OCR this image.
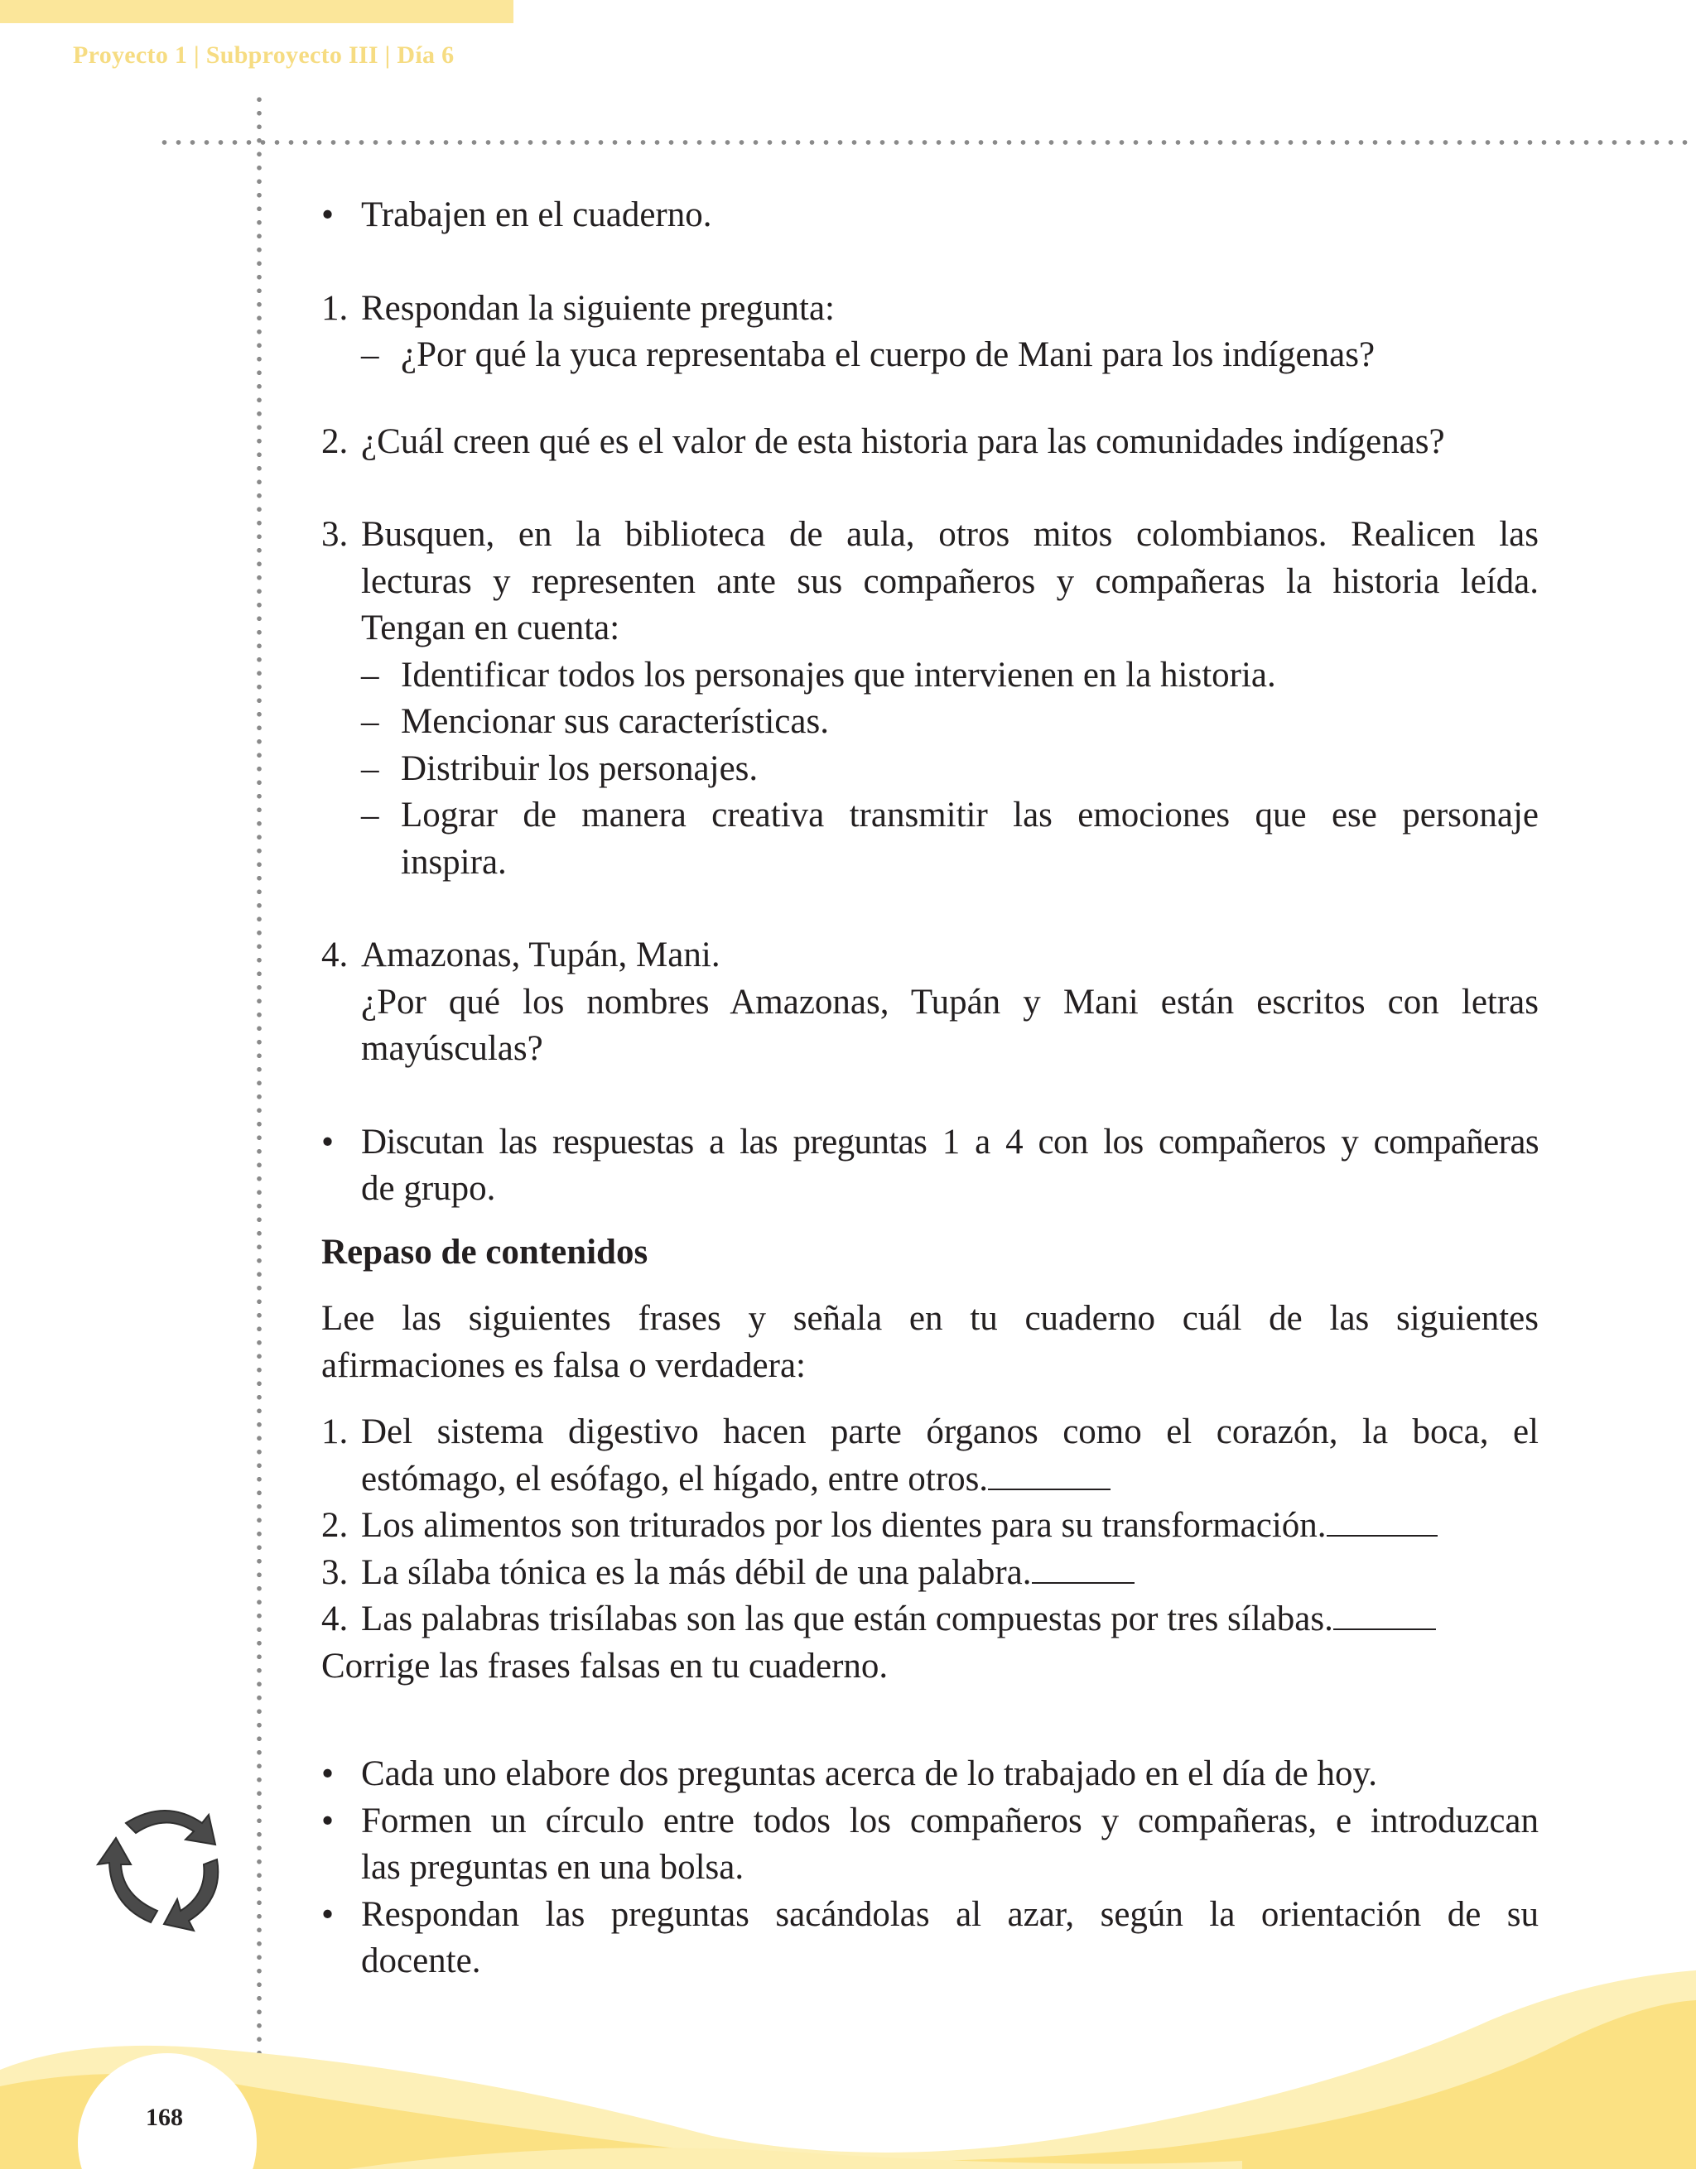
Proyecto 1 | Subproyecto III | Día 6
• Trabajen en el cuaderno.
1. Respondan la siguiente pregunta:
– ¿Por qué la yuca representaba el cuerpo de Mani para los indígenas?
2. ¿Cuál creen qué es el valor de esta historia para las comunidades indígenas?
3. Busquen, en la biblioteca de aula, otros mitos colombianos. Realicen las
lecturas y representen ante sus compañeros y compañeras la historia leída.
Tengan en cuenta:
– Identificar todos los personajes que intervienen en la historia.
– Mencionar sus características.
– Distribuir los personajes.
– Lograr de manera creativa transmitir las emociones que ese personaje
inspira.
4. Amazonas, Tupán, Mani.
¿Por qué los nombres Amazonas, Tupán y Mani están escritos con letras
mayúsculas?
• Discutan las respuestas a las preguntas 1 a 4 con los compañeros y compañeras
de grupo.
Repaso de contenidos
Lee las siguientes frases y señala en tu cuaderno cuál de las siguientes
afirmaciones es falsa o verdadera:
1. Del sistema digestivo hacen parte órganos como el corazón, la boca, el
estómago, el esófago, el hígado, entre otros.
2. Los alimentos son triturados por los dientes para su transformación.
3. La sílaba tónica es la más débil de una palabra.
4. Las palabras trisílabas son las que están compuestas por tres sílabas.
Corrige las frases falsas en tu cuaderno.
• Cada uno elabore dos preguntas acerca de lo trabajado en el día de hoy.
• Formen un círculo entre todos los compañeros y compañeras, e introduzcan
las preguntas en una bolsa.
• Respondan las preguntas sacándolas al azar, según la orientación de su
docente.
168
